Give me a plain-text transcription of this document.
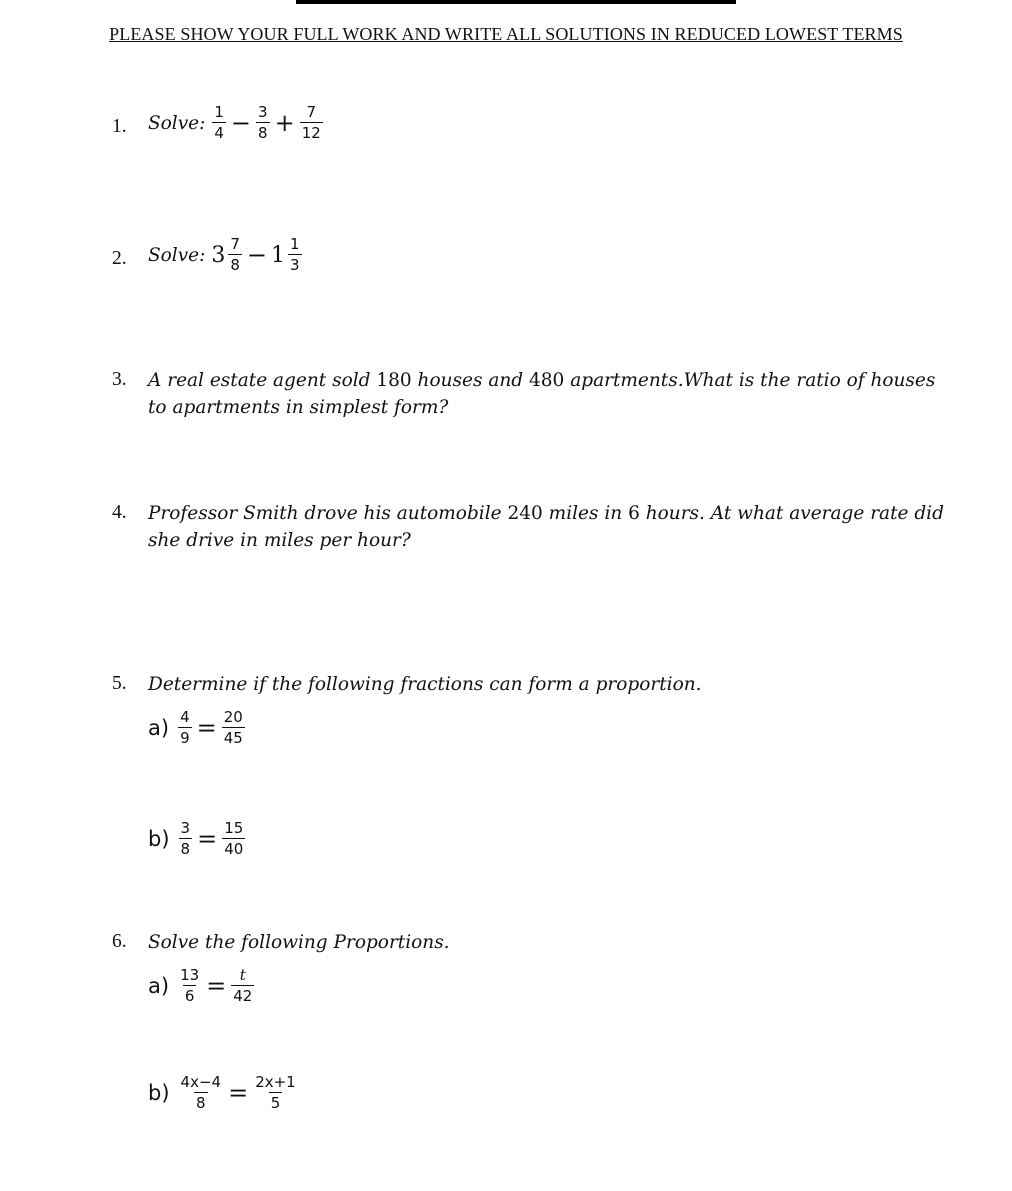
PLEASE SHOW YOUR FULL WORK AND WRITE ALL SOLUTIONS IN REDUCED LOWEST TERMS
1. Solve: $\frac{1}{4} - \frac{3}{8} + \frac{7}{12}$
2. Solve: $3 \frac{7}{8} - 1 \frac{1}{3}$
3. A real estate agent sold 180 houses and 480 apartments.What is the ratio of houses
to apartments in simplest form?
4. Professor Smith drove his automobile 240 miles in 6 hours. At what average rate did
she drive in miles per hour?
5. Determine if the following fractions can form a proportion.
$a) \frac{4}{9} = \frac{20}{45}$
$b) \frac{3}{8} = \frac{15}{40}$
6. Solve the following Proportions.
$a) \frac{13}{6} = \frac{t}{42}$
$b) \frac{4x-4}{8} = \frac{2x+1}{5}$
